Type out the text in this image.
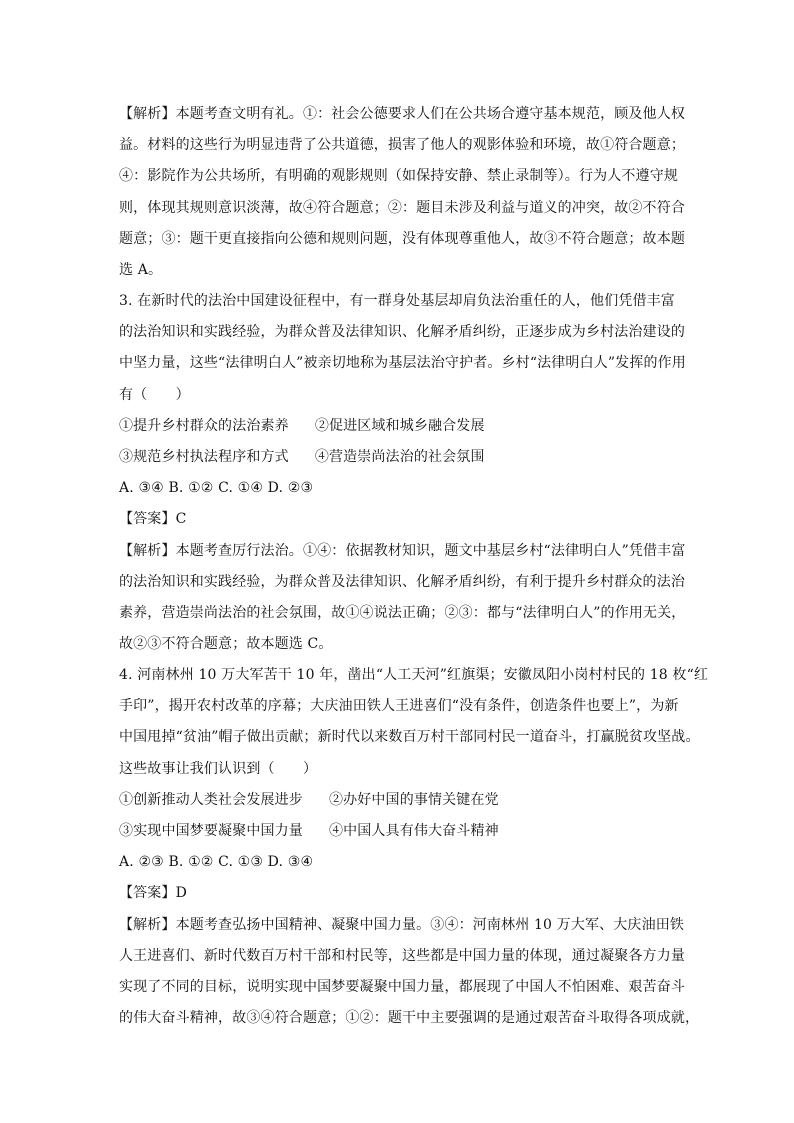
【解析】本题考查文明有礼。①：社会公德要求人们在公共场合遵守基本规范，顾及他人权
益。材料的这些行为明显违背了公共道德，损害了他人的观影体验和环境，故①符合题意；
④：影院作为公共场所，有明确的观影规则（如保持安静、禁止录制等）。行为人不遵守规
则，体现其规则意识淡薄，故④符合题意；②：题目未涉及利益与道义的冲突，故②不符合
题意；③：题干更直接指向公德和规则问题，没有体现尊重他人，故③不符合题意；故本题
选 A。
3. 在新时代的法治中国建设征程中，有一群身处基层却肩负法治重任的人，他们凭借丰富
的法治知识和实践经验，为群众普及法律知识、化解矛盾纠纷，正逐步成为乡村法治建设的
中坚力量，这些“法律明白人”被亲切地称为基层法治守护者。乡村“法律明白人”发挥的作用
有（　　）
①提升乡村群众的法治素养 ②促进区域和城乡融合发展
③规范乡村执法程序和方式 ④营造崇尚法治的社会氛围
A. ③④ B. ①② C. ①④ D. ②③
【答案】C
【解析】本题考查厉行法治。①④：依据教材知识，题文中基层乡村“法律明白人”凭借丰富
的法治知识和实践经验，为群众普及法律知识、化解矛盾纠纷，有利于提升乡村群众的法治
素养，营造崇尚法治的社会氛围，故①④说法正确；②③：都与“法律明白人”的作用无关，
故②③不符合题意；故本题选 C。
4. 河南林州 10 万大军苦干 10 年，凿出“人工天河”红旗渠；安徽凤阳小岗村村民的 18 枚“红
手印”，揭开农村改革的序幕；大庆油田铁人王进喜们“没有条件，创造条件也要上”，为新
中国甩掉“贫油”帽子做出贡献；新时代以来数百万村干部同村民一道奋斗，打赢脱贫攻坚战。
这些故事让我们认识到（　　）
①创新推动人类社会发展进步 ②办好中国的事情关键在党
③实现中国梦要凝聚中国力量 ④中国人具有伟大奋斗精神
A. ②③ B. ①② C. ①③ D. ③④
【答案】D
【解析】本题考查弘扬中国精神、凝聚中国力量。③④：河南林州 10 万大军、大庆油田铁
人王进喜们、新时代数百万村干部和村民等，这些都是中国力量的体现，通过凝聚各方力量
实现了不同的目标，说明实现中国梦要凝聚中国力量，都展现了中国人不怕困难、艰苦奋斗
的伟大奋斗精神，故③④符合题意；①②：题干中主要强调的是通过艰苦奋斗取得各项成就，
